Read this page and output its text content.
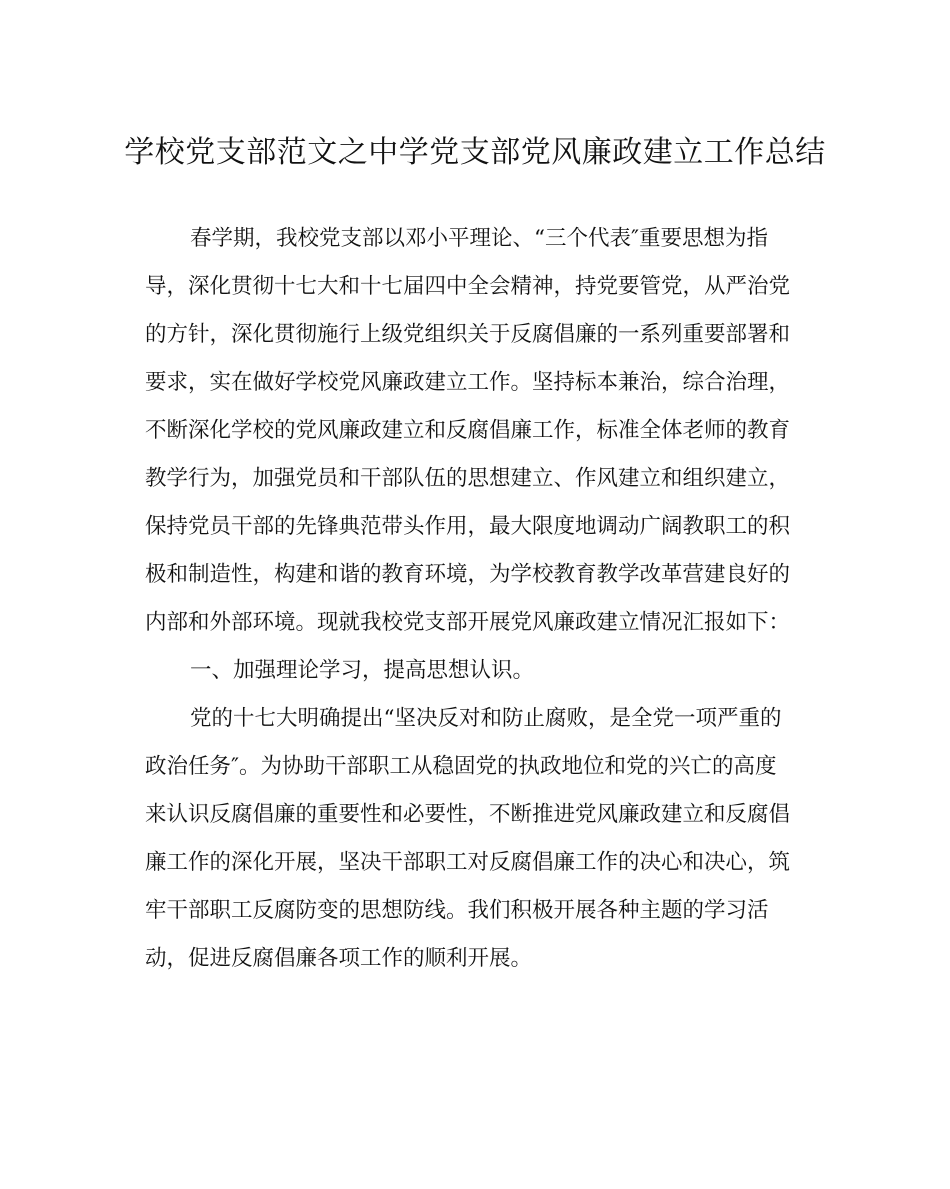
学校党支部范文之中学党支部党风廉政建立工作总结

春学期，我校党支部以邓小平理论、“三个代表″重要思想为指

导，深化贯彻十七大和十七届四中全会精神，持党要管党，从严治党

的方针，深化贯彻施行上级党组织关于反腐倡廉的一系列重要部署和

要求，实在做好学校党风廉政建立工作。坚持标本兼治，综合治理，

不断深化学校的党风廉政建立和反腐倡廉工作，标准全体老师的教育

教学行为，加强党员和干部队伍的思想建立、作风建立和组织建立，

保持党员干部的先锋典范带头作用，最大限度地调动广阔教职工的积

极和制造性，构建和谐的教育环境，为学校教育教学改革营建良好的

内部和外部环境。现就我校党支部开展党风廉政建立情况汇报如下：

一、加强理论学习，提高思想认识。

党的十七大明确提出“坚决反对和防止腐败，是全党一项严重的

政治任务″。为协助干部职工从稳固党的执政地位和党的兴亡的高度

来认识反腐倡廉的重要性和必要性，不断推进党风廉政建立和反腐倡

廉工作的深化开展，坚决干部职工对反腐倡廉工作的决心和决心，筑

牢干部职工反腐防变的思想防线。我们积极开展各种主题的学习活

动，促进反腐倡廉各项工作的顺利开展。
